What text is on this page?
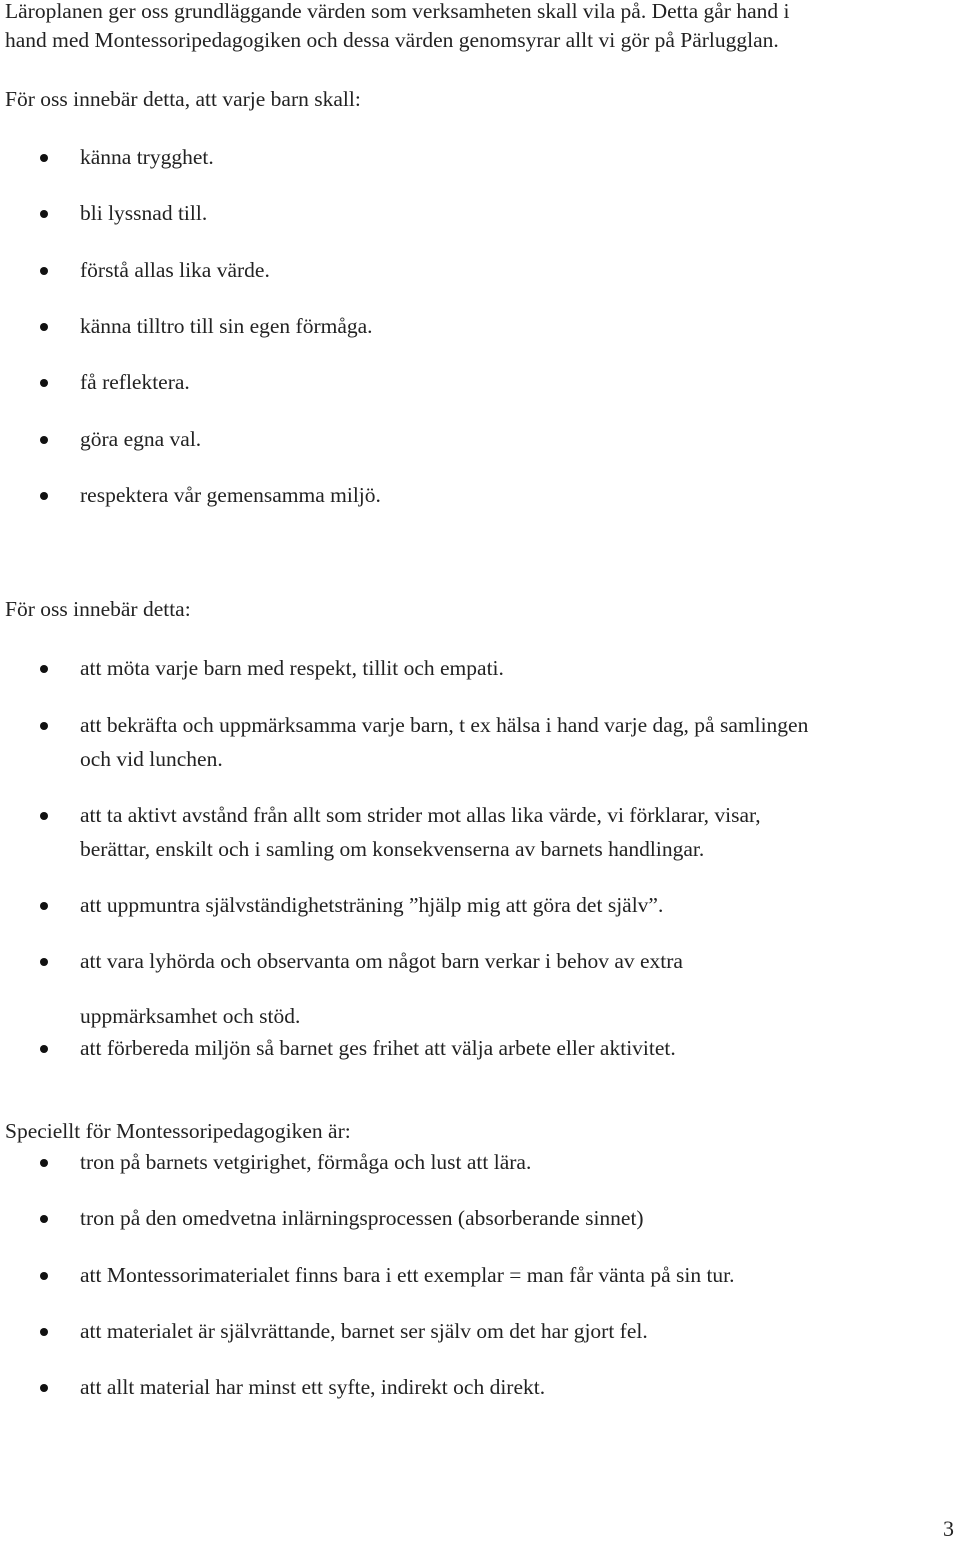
Läroplanen ger oss grundläggande värden som verksamheten skall vila på. Detta går hand i

hand med Montessoripedagogiken och dessa värden genomsyrar allt vi gör på Pärlugglan.

För oss innebär detta, att varje barn skall:

känna trygghet.
bli lyssnad till.
förstå allas lika värde.
känna tilltro till sin egen förmåga.
få reflektera.
göra egna val.
respektera vår gemensamma miljö.

För oss innebär detta:

att möta varje barn med respekt, tillit och empati.
att bekräfta och uppmärksamma varje barn, t ex hälsa i hand varje dag, på samlingen
och vid lunchen.
att ta aktivt avstånd från allt som strider mot allas lika värde, vi förklarar, visar,
berättar, enskilt och i samling om konsekvenserna av barnets handlingar.
att uppmuntra självständighetsträning ”hjälp mig att göra det själv”.
att vara lyhörda och observanta om något barn verkar i behov av extra
uppmärksamhet och stöd.
att förbereda miljön så barnet ges frihet att välja arbete eller aktivitet.

Speciellt för Montessoripedagogiken är:

tron på barnets vetgirighet, förmåga och lust att lära.
tron på den omedvetna inlärningsprocessen (absorberande sinnet)
att Montessorimaterialet finns bara i ett exemplar = man får vänta på sin tur.
att materialet är självrättande, barnet ser själv om det har gjort fel.
att allt material har minst ett syfte, indirekt och direkt.
3
